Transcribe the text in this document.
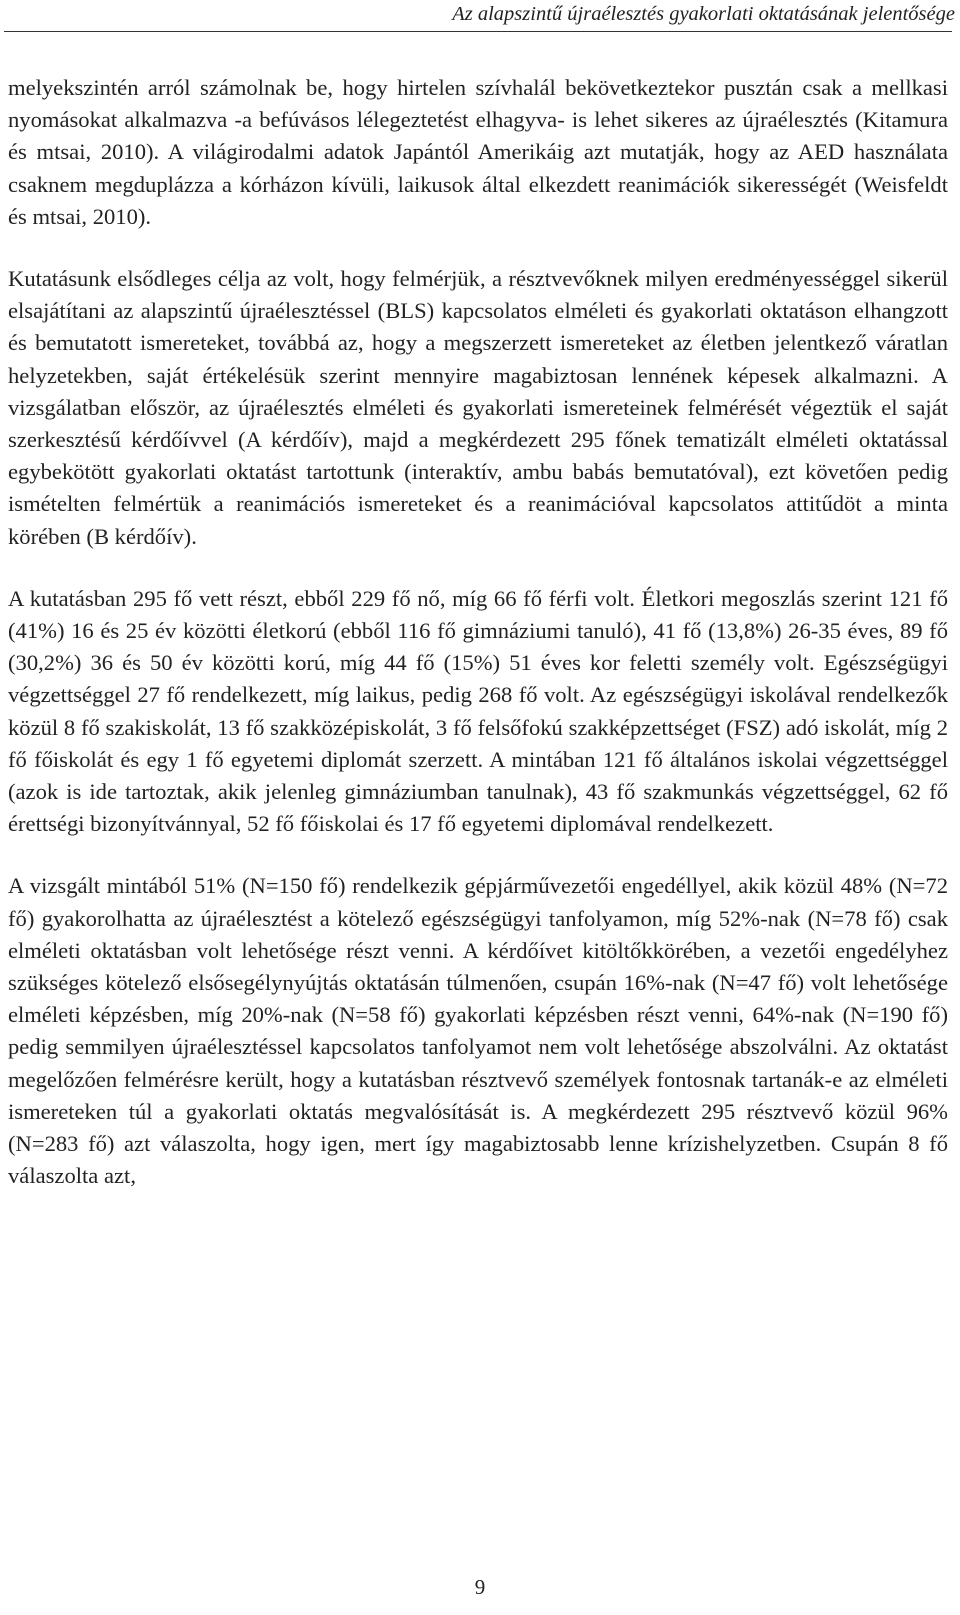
Az alapszintű újraélesztés gyakorlati oktatásának jelentősége

melyekszintén arról számolnak be, hogy hirtelen szívhalál bekövetkeztekor pusztán csak a mellkasi nyomásokat alkalmazva -a befúvásos lélegeztetést elhagyva- is lehet sikeres az újraélesztés (Kitamura és mtsai, 2010). A világirodalmi adatok Japántól Amerikáig azt mutatják, hogy az AED használata csaknem megduplázza a kórházon kívüli, laikusok által elkezdett reanimációk sikerességét (Weisfeldt és mtsai, 2010).

Kutatásunk elsődleges célja az volt, hogy felmérjük, a résztvevőknek milyen eredményességgel sikerül elsajátítani az alapszintű újraélesztéssel (BLS) kapcsolatos elméleti és gyakorlati oktatáson elhangzott és bemutatott ismereteket, továbbá az, hogy a megszerzett ismereteket az életben jelentkező váratlan helyzetekben, saját értékelésük szerint mennyire magabiztosan lennének képesek alkalmazni. A vizsgálatban először, az újraélesztés elméleti és gyakorlati ismereteinek felmérését végeztük el saját szerkesztésű kérdőívvel (A kérdőív), majd a megkérdezett 295 főnek tematizált elméleti oktatással egybekötött gyakorlati oktatást tartottunk (interaktív, ambu babás bemutatóval), ezt követően pedig ismételten felmértük a reanimációs ismereteket és a reanimációval kapcsolatos attitűdöt a minta körében (B kérdőív).

A kutatásban 295 fő vett részt, ebből 229 fő nő, míg 66 fő férfi volt. Életkori megoszlás szerint 121 fő (41%) 16 és 25 év közötti életkorú (ebből 116 fő gimnáziumi tanuló), 41 fő (13,8%) 26-35 éves, 89 fő (30,2%) 36 és 50 év közötti korú, míg 44 fő (15%) 51 éves kor feletti személy volt. Egészségügyi végzettséggel 27 fő rendelkezett, míg laikus, pedig 268 fő volt. Az egészségügyi iskolával rendelkezők közül 8 fő szakiskolát, 13 fő szakközépiskolát, 3 fő felsőfokú szakképzettséget (FSZ) adó iskolát, míg 2 fő főiskolát és egy 1 fő egyetemi diplomát szerzett. A mintában 121 fő általános iskolai végzettséggel (azok is ide tartoztak, akik jelenleg gimnáziumban tanulnak), 43 fő szakmunkás végzettséggel, 62 fő érettségi bizonyítvánnyal, 52 fő főiskolai és 17 fő egyetemi diplomával rendelkezett.

A vizsgált mintából 51% (N=150 fő) rendelkezik gépjárművezetői engedéllyel, akik közül 48% (N=72 fő) gyakorolhatta az újraélesztést a kötelező egészségügyi tanfolyamon, míg 52%-nak (N=78 fő) csak elméleti oktatásban volt lehetősége részt venni. A kérdőívet kitöltőkkörében, a vezetői engedélyhez szükséges kötelező elsősegélynyújtás oktatásán túlmenően, csupán 16%-nak (N=47 fő) volt lehetősége elméleti képzésben, míg 20%-nak (N=58 fő) gyakorlati képzésben részt venni, 64%-nak (N=190 fő) pedig semmilyen újraélesztéssel kapcsolatos tanfolyamot nem volt lehetősége abszolválni. Az oktatást megelőzően felmérésre került, hogy a kutatásban résztvevő személyek fontosnak tartanák-e az elméleti ismereteken túl a gyakorlati oktatás megvalósítását is. A megkérdezett 295 résztvevő közül 96% (N=283 fő) azt válaszolta, hogy igen, mert így magabiztosabb lenne krízishelyzetben. Csupán 8 fő válaszolta azt,

9
